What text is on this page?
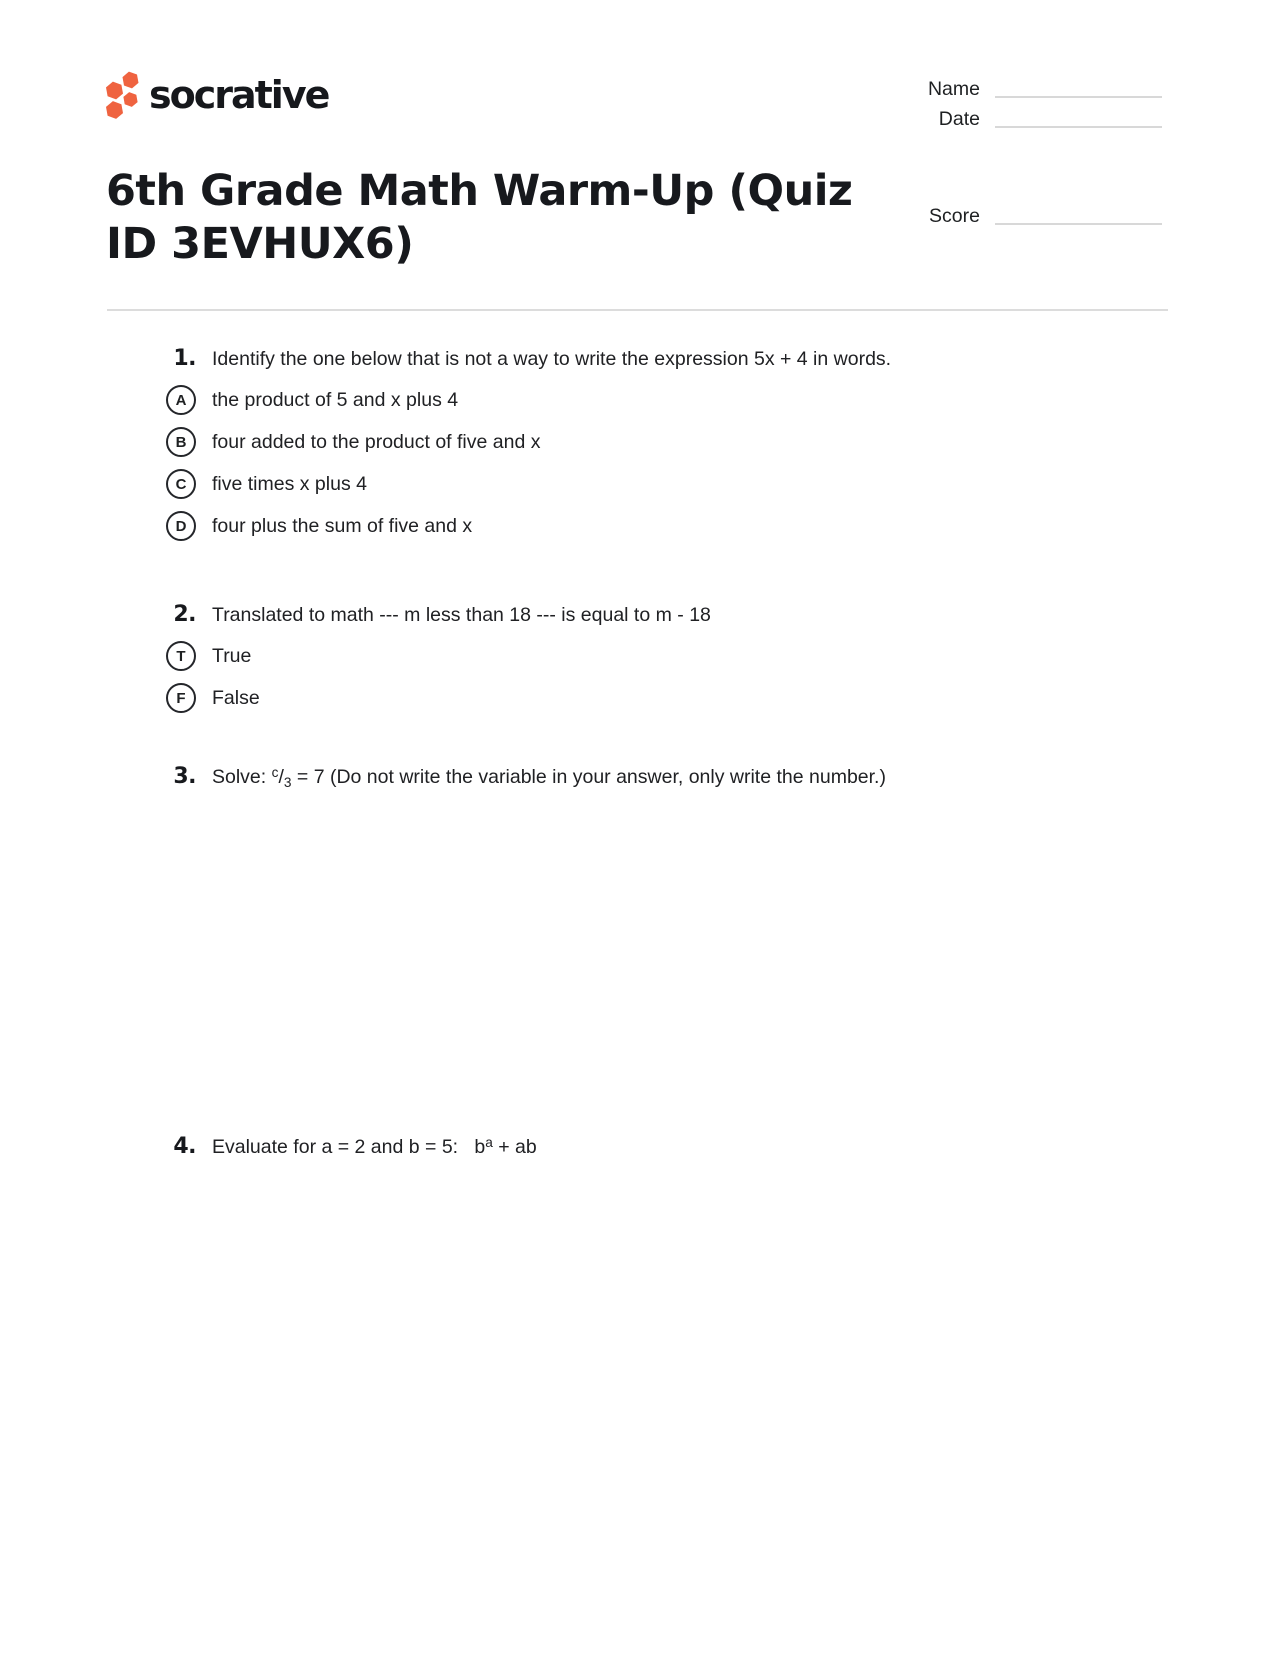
socrative	Name
Date
Score
6th Grade Math Warm-Up (Quiz
ID 3EVHUX6)
1. Identify the one below that is not a way to write the expression 5x + 4 in words.
A	the product of 5 and x plus 4
B	four added to the product of five and x
C	five times x plus 4
D	four plus the sum of five and x
2. Translated to math --- m less than 18 --- is equal to m - 18
T	True
F	False
3. Solve: $^c/_3 = 7$ (Do not write the variable in your answer, only write the number.)
4. Evaluate for a = 2 and b = 5:   $b^a$ + ab
